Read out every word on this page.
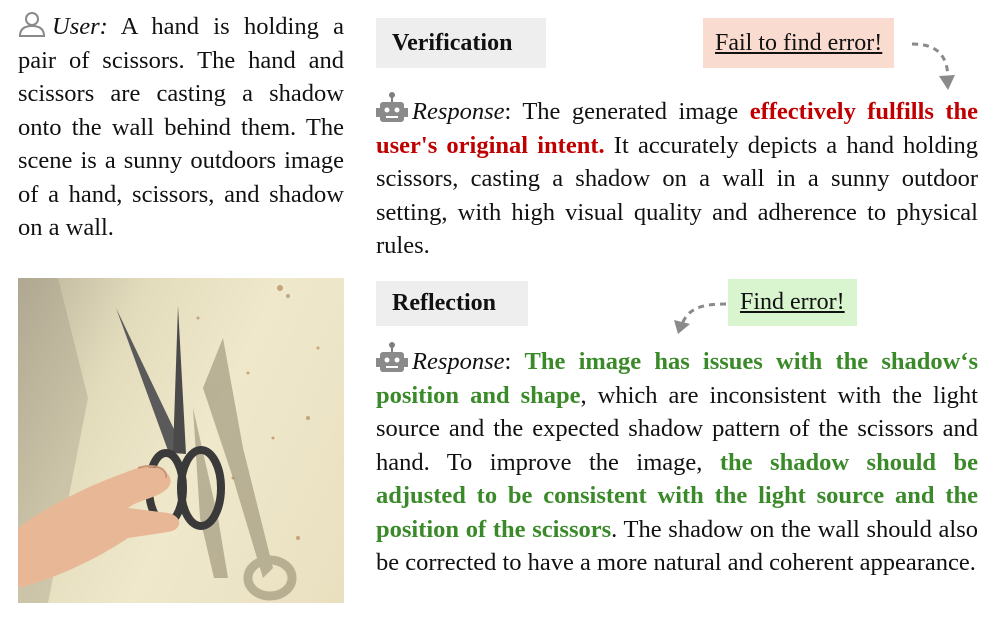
User: A hand is holding a pair of scissors. The hand and scissors are casting a shadow onto the wall behind them. The scene is a sunny outdoors image of a hand, scissors, and shadow on a wall.
Verification	Fail to find error!
Response: The generated image effectively fulfills the user's original intent. It accurately depicts a hand holding scissors, casting a shadow on a wall in a sunny outdoor setting, with high visual quality and adherence to physical rules.
Reflection	Find error!
Response: The image has issues with the shadow‘s position and shape, which are inconsistent with the light source and the expected shadow pattern of the scissors and hand. To improve the image, the shadow should be adjusted to be consistent with the light source and the position of the scissors. The shadow on the wall should also be corrected to have a more natural and coherent appearance.
